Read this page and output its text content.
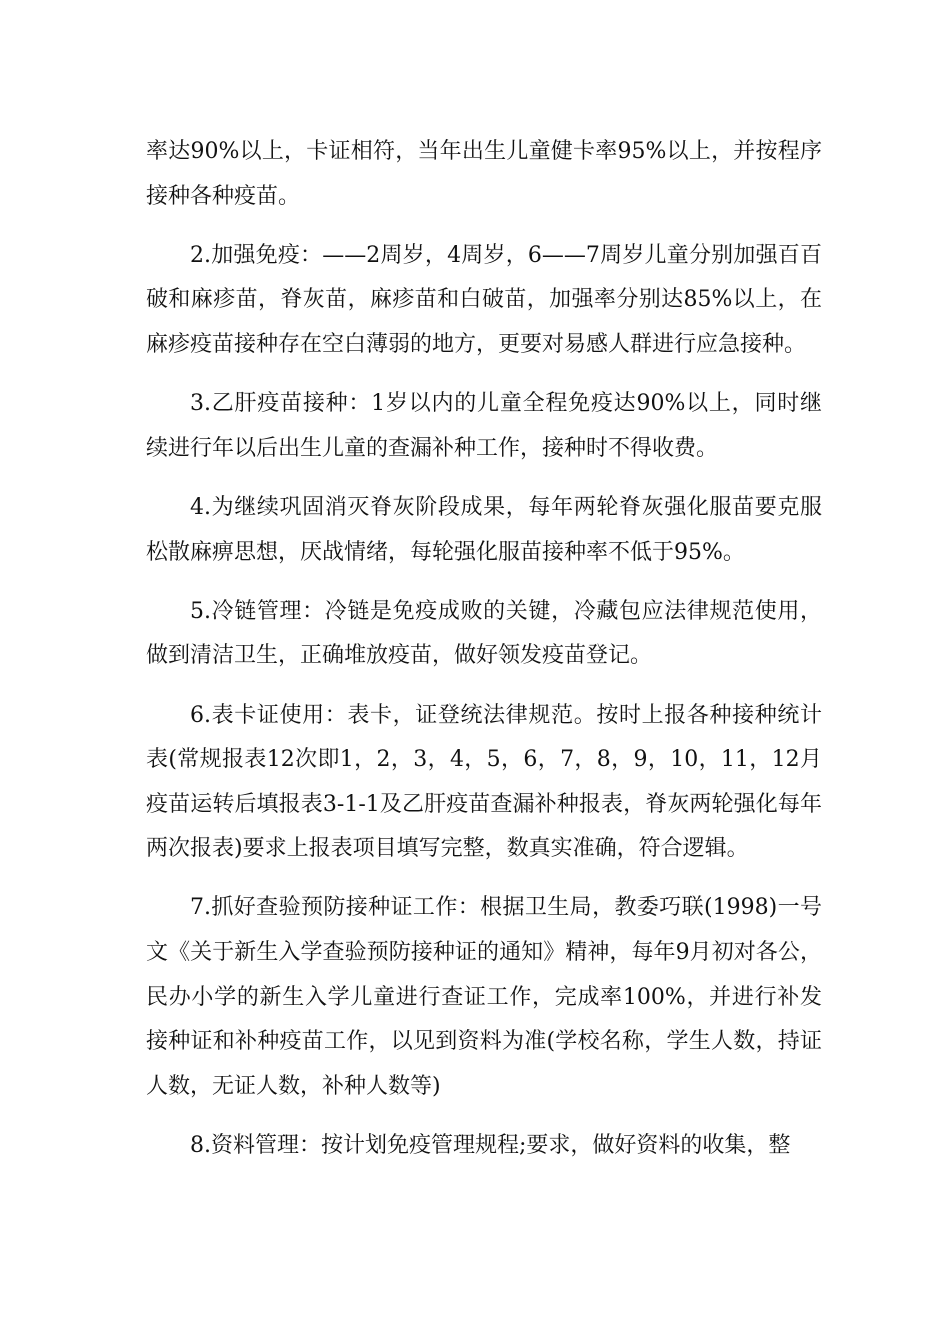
率达90%以上，卡证相符，当年出生儿童健卡率95%以上，并按程序接种各种疫苗。

2.加强免疫：——2周岁，4周岁，6——7周岁儿童分别加强百百破和麻疹苗，脊灰苗，麻疹苗和白破苗，加强率分别达85%以上，在麻疹疫苗接种存在空白薄弱的地方，更要对易感人群进行应急接种。

3.乙肝疫苗接种：1岁以内的儿童全程免疫达90%以上，同时继续进行年以后出生儿童的查漏补种工作，接种时不得收费。

4.为继续巩固消灭脊灰阶段成果，每年两轮脊灰强化服苗要克服松散麻痹思想，厌战情绪，每轮强化服苗接种率不低于95%。

5.冷链管理：冷链是免疫成败的关键，冷藏包应法律规范使用，做到清洁卫生，正确堆放疫苗，做好领发疫苗登记。

6.表卡证使用：表卡，证登统法律规范。按时上报各种接种统计表(常规报表12次即1，2，3，4，5，6，7，8，9，10，11，12月疫苗运转后填报表3-1-1及乙肝疫苗查漏补种报表，脊灰两轮强化每年两次报表)要求上报表项目填写完整，数真实准确，符合逻辑。

7.抓好查验预防接种证工作：根据卫生局，教委巧联(1998)一号文《关于新生入学查验预防接种证的通知》精神，每年9月初对各公，民办小学的新生入学儿童进行查证工作，完成率100%，并进行补发接种证和补种疫苗工作，以见到资料为准(学校名称，学生人数，持证人数，无证人数，补种人数等)

8.资料管理：按计划免疫管理规程;要求，做好资料的收集，整
